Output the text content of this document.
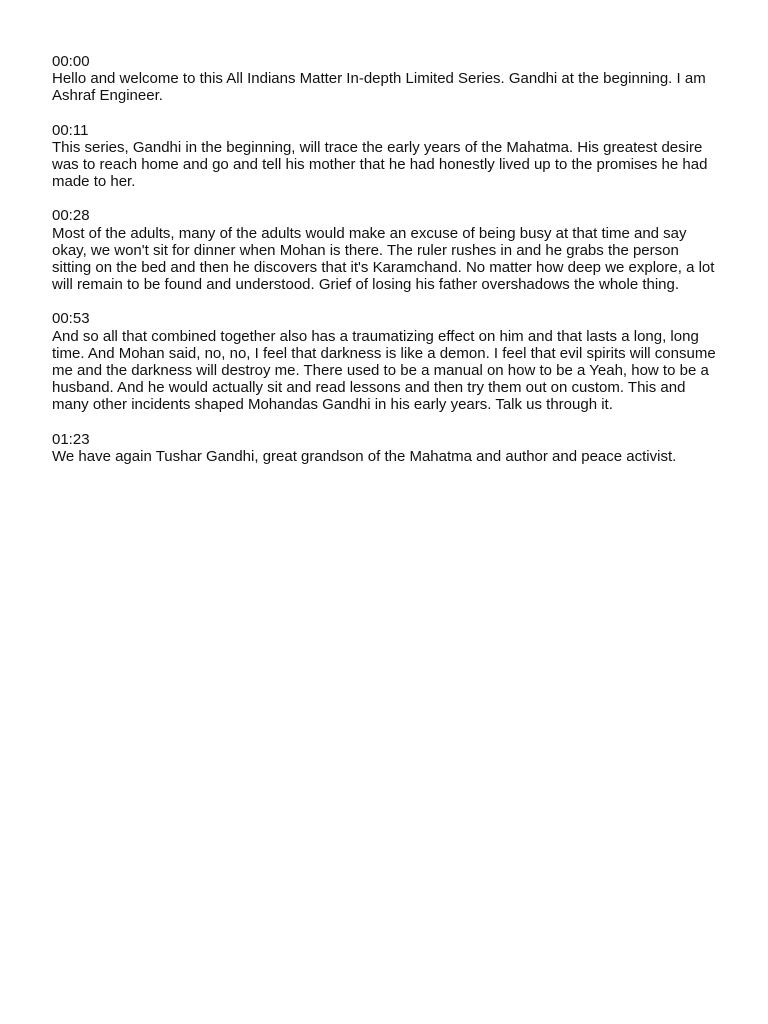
00:00
Hello and welcome to this All Indians Matter In-depth Limited Series. Gandhi at the beginning. I am Ashraf Engineer.
00:11
This series, Gandhi in the beginning, will trace the early years of the Mahatma. His greatest desire was to reach home and go and tell his mother that he had honestly lived up to the promises he had made to her.
00:28
Most of the adults, many of the adults would make an excuse of being busy at that time and say okay, we won't sit for dinner when Mohan is there. The ruler rushes in and he grabs the person sitting on the bed and then he discovers that it's Karamchand. No matter how deep we explore, a lot will remain to be found and understood. Grief of losing his father overshadows the whole thing.
00:53
And so all that combined together also has a traumatizing effect on him and that lasts a long, long time. And Mohan said, no, no, I feel that darkness is like a demon. I feel that evil spirits will consume me and the darkness will destroy me. There used to be a manual on how to be a Yeah, how to be a husband. And he would actually sit and read lessons and then try them out on custom. This and many other incidents shaped Mohandas Gandhi in his early years. Talk us through it.
01:23
We have again Tushar Gandhi, great grandson of the Mahatma and author and peace activist.
